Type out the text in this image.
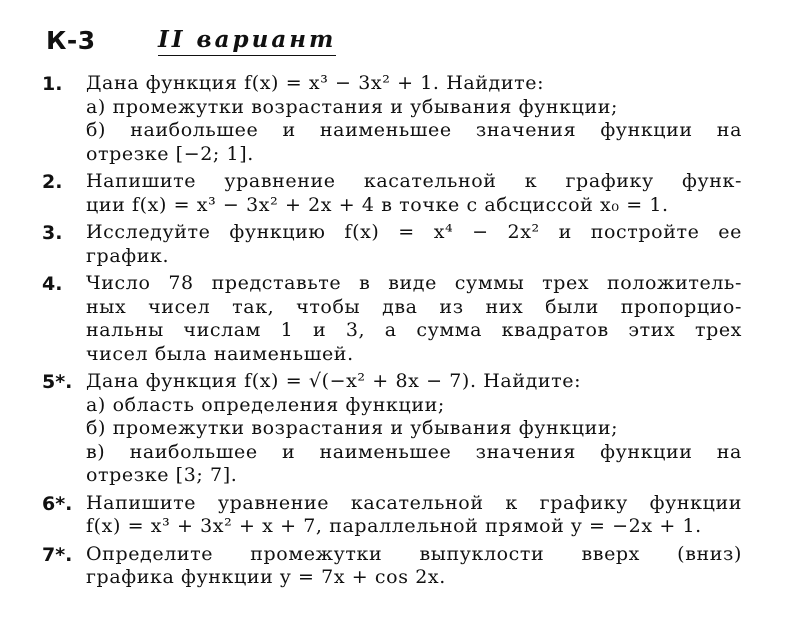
К-3	II вариант
1.	Дана функция f(x) = x³ − 3x² + 1. Найдите:
а) промежутки возрастания и убывания функции;
б) наибольшее и наименьшее значения функции на
отрезке [−2; 1].
2.	Напишите уравнение касательной к графику функ-
ции f(x) = x³ − 3x² + 2x + 4 в точке с абсциссой x₀ = 1.
3.	Исследуйте функцию f(x) = x⁴ − 2x² и постройте ее
график.
4.	Число 78 представьте в виде суммы трех положитель-
ных чисел так, чтобы два из них были пропорцио-
нальны числам 1 и 3, а сумма квадратов этих трех
чисел была наименьшей.
5*. Дана функция f(x) = √(−x² + 8x − 7). Найдите:
а) область определения функции;
б) промежутки возрастания и убывания функции;
в) наибольшее и наименьшее значения функции на
отрезке [3; 7].
6*. Напишите уравнение касательной к графику функции
f(x) = x³ + 3x² + x + 7, параллельной прямой y = −2x + 1.
7*. Определите промежутки выпуклости вверх (вниз)
графика функции y = 7x + cos 2x.
